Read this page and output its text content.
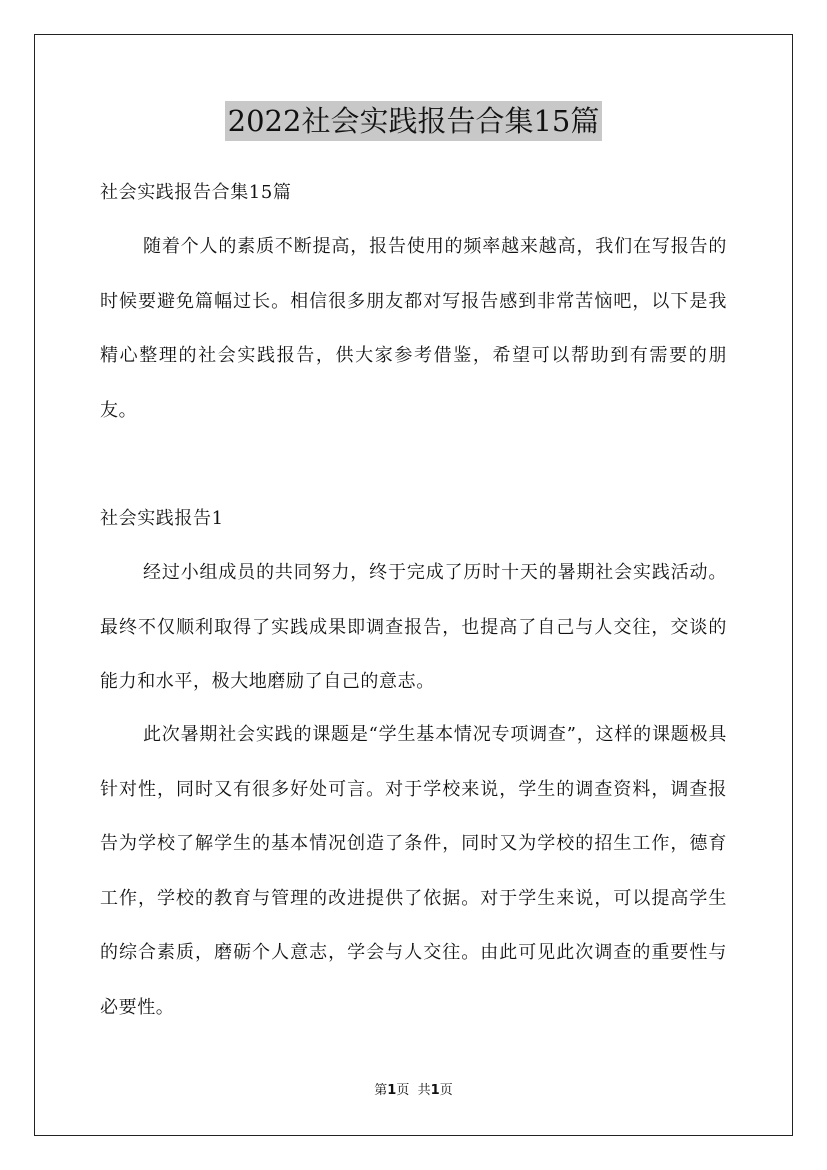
2022社会实践报告合集15篇

社会实践报告合集15篇

随着个人的素质不断提高，报告使用的频率越来越高，我们在写报告的时候要避免篇幅过长。相信很多朋友都对写报告感到非常苦恼吧，以下是我精心整理的社会实践报告，供大家参考借鉴，希望可以帮助到有需要的朋友。

社会实践报告1

经过小组成员的共同努力，终于完成了历时十天的暑期社会实践活动。最终不仅顺利取得了实践成果即调查报告，也提高了自己与人交往，交谈的能力和水平，极大地磨励了自己的意志。

此次暑期社会实践的课题是“学生基本情况专项调查”，这样的课题极具针对性，同时又有很多好处可言。对于学校来说，学生的调查资料，调查报告为学校了解学生的基本情况创造了条件，同时又为学校的招生工作，德育工作，学校的教育与管理的改进提供了依据。对于学生来说，可以提高学生的综合素质，磨砺个人意志，学会与人交往。由此可见此次调查的重要性与必要性。

第1页 共1页
